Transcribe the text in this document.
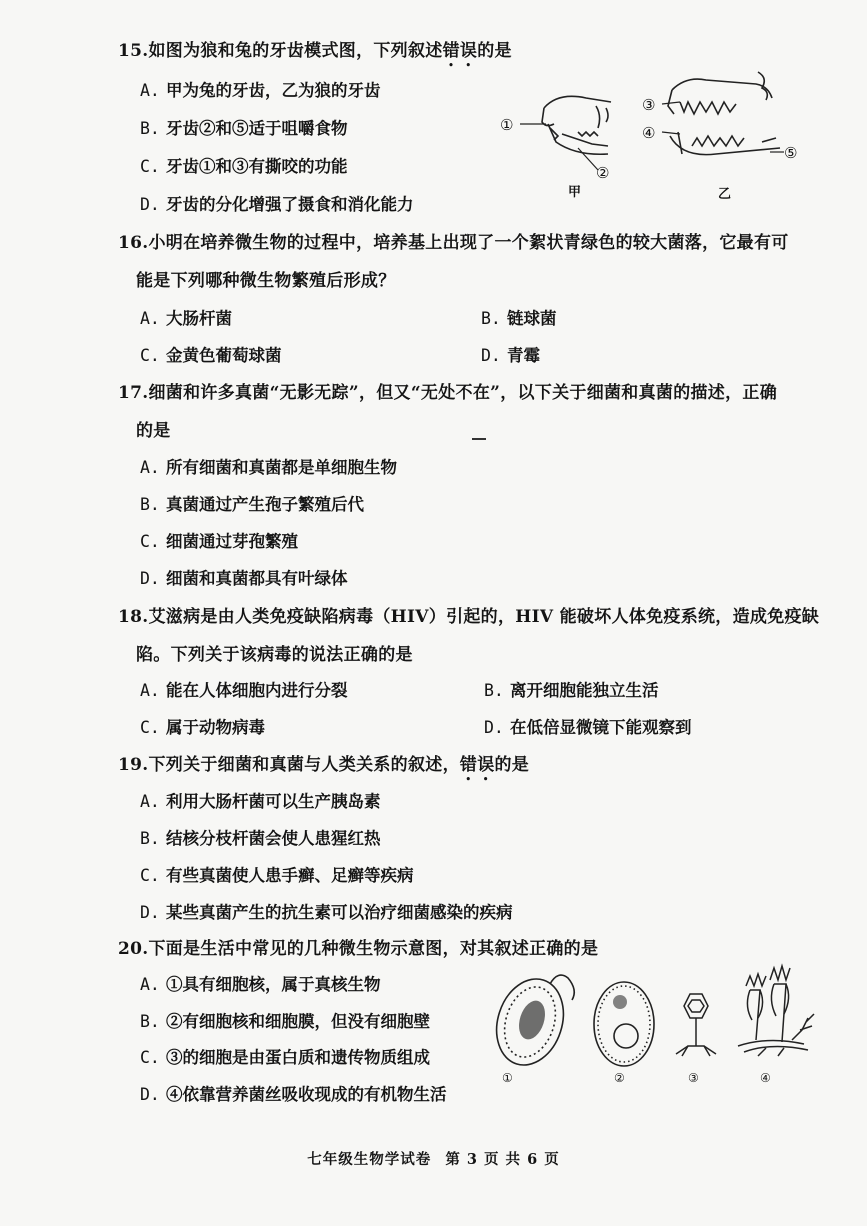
15.如图为狼和兔的牙齿模式图，下列叙述错误的是
A. 甲为兔的牙齿，乙为狼的牙齿
B. 牙齿②和⑤适于咀嚼食物
C. 牙齿①和③有撕咬的功能
D. 牙齿的分化增强了摄食和消化能力
①
②
③
④
⑤
甲	乙
16.小明在培养微生物的过程中，培养基上出现了一个絮状青绿色的较大菌落，它最有可
能是下列哪种微生物繁殖后形成？
A. 大肠杆菌	B. 链球菌
C. 金黄色葡萄球菌	D. 青霉
17.细菌和许多真菌“无影无踪”，但又“无处不在”，以下关于细菌和真菌的描述，正确
的是
A. 所有细菌和真菌都是单细胞生物
B. 真菌通过产生孢子繁殖后代
C. 细菌通过芽孢繁殖
D. 细菌和真菌都具有叶绿体
18.艾滋病是由人类免疫缺陷病毒（HIV）引起的，HIV 能破坏人体免疫系统，造成免疫缺
陷。下列关于该病毒的说法正确的是
A. 能在人体细胞内进行分裂	B. 离开细胞能独立生活
C. 属于动物病毒	D. 在低倍显微镜下能观察到
19.下列关于细菌和真菌与人类关系的叙述，错误的是
A. 利用大肠杆菌可以生产胰岛素
B. 结核分枝杆菌会使人患猩红热
C. 有些真菌使人患手癣、足癣等疾病
D. 某些真菌产生的抗生素可以治疗细菌感染的疾病
20.下面是生活中常见的几种微生物示意图，对其叙述正确的是
A. ①具有细胞核，属于真核生物
B. ②有细胞核和细胞膜，但没有细胞壁
C. ③的细胞是由蛋白质和遗传物质组成
D. ④依靠营养菌丝吸收现成的有机物生活
①	②	③	④
七年级生物学试卷 第 3 页 共 6 页
